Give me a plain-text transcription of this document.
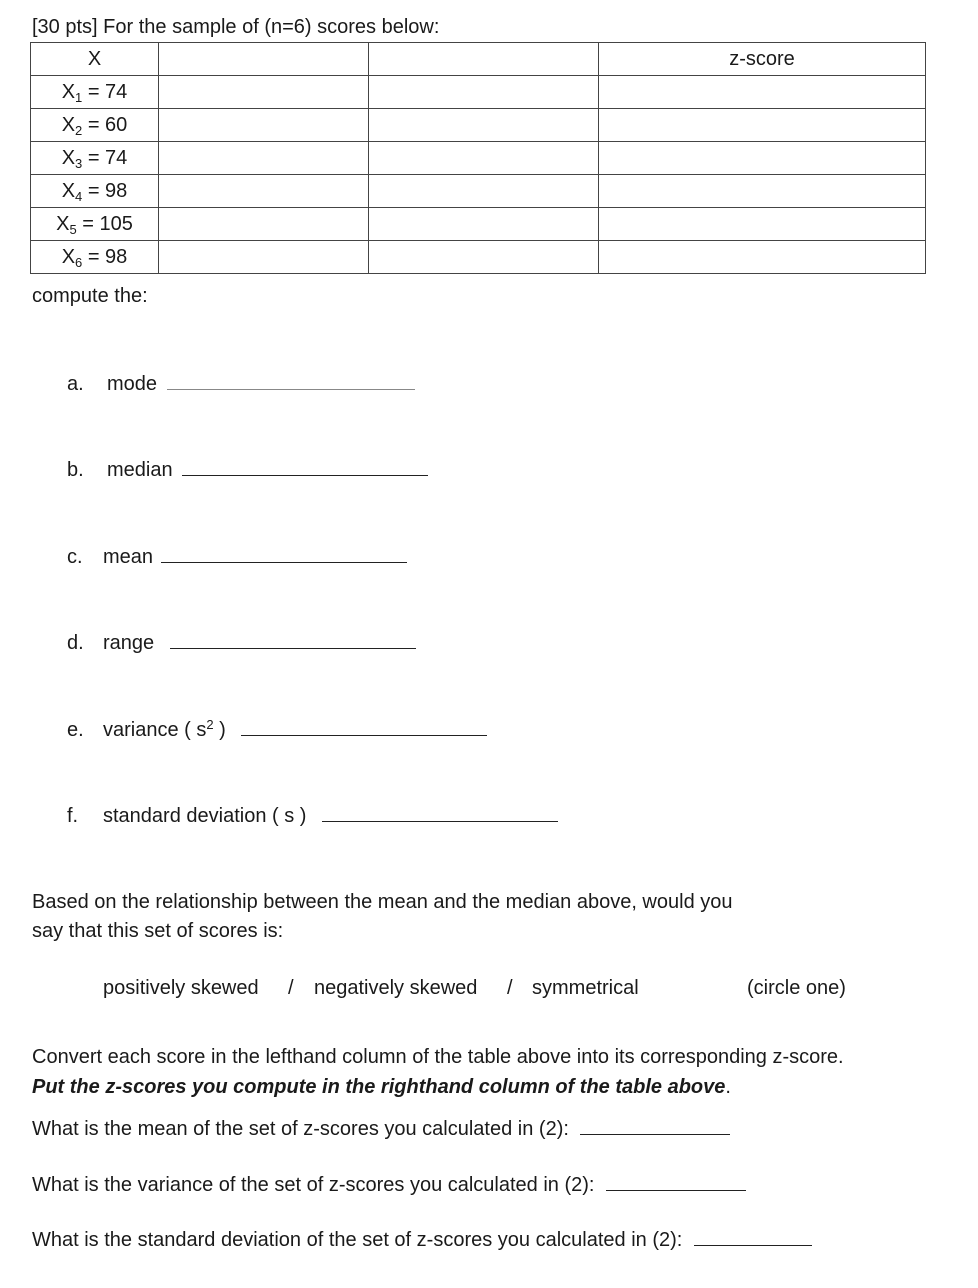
[30 pts] For the sample of (n=6) scores below:
X			z-score
$X_1 = 74$			
$X_2 = 60$			
$X_3 = 74$			
$X_4 = 98$			
$X_5 = 105$			
$X_6 = 98$			
compute the:
a. mode
b. median
c. mean
d. range
e. variance ( $s^2$ )
f. standard deviation ( s )
Based on the relationship between the mean and the median above, would you
say that this set of scores is:
positively skewed / negatively skewed / symmetrical	(circle one)
Convert each score in the lefthand column of the table above into its corresponding z-score.
Put the z-scores you compute in the righthand column of the table above.
What is the mean of the set of z-scores you calculated in (2):
What is the variance of the set of z-scores you calculated in (2):
What is the standard deviation of the set of z-scores you calculated in (2):
